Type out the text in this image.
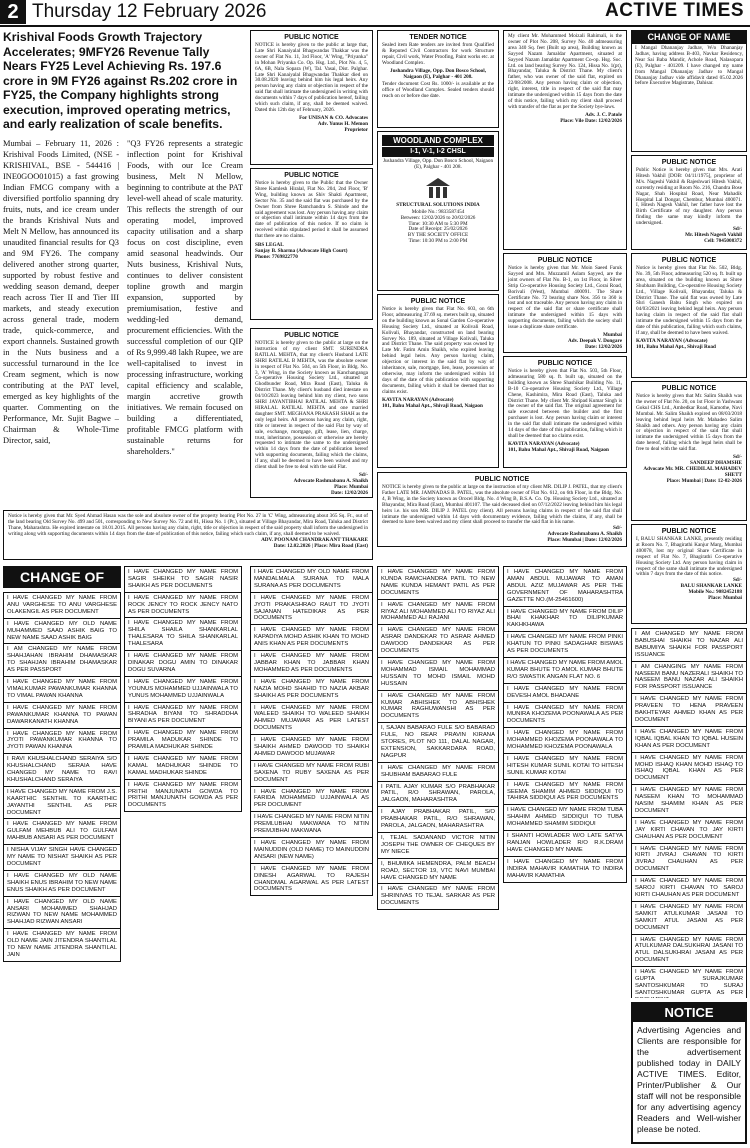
2 Thursday 12 February 2026	ACTIVE TIMES
Krishival Foods Growth Trajectory Accelerates; 9MFY26 Revenue Tally Nears FY25 Level Achieving Rs. 197.6 crore in 9M FY26 against Rs.202 crore in FY25, the Company highlights strong execution, improved operating metrics, and early realization of scale benefits.
Mumbai – February 11, 2026 : Krishival Foods Limited, (NSE - KRISHIVAL, BSE - 544416 | INE0GOO01015) a fast growing Indian FMCG company with a diversified portfolio spanning dry fruits, nuts, and ice cream under the brands Krishival Nuts and Melt N Mellow, has announced its unaudited financial results for Q3 and 9M FY26. The company delivered another strong quarter, supported by robust festive and wedding season demand, deeper reach across Tier II and Tier III markets, and steady execution across general trade, modern trade, quick-commerce, and export channels. Sustained growth in the Nuts business and a successful turnaround in the Ice Cream segment, which is now contributing at the PAT level, emerged as key highlights of the quarter. Commenting on the Performance, Mr. Sujit Bagwe – Chairman & Whole-Time Director, said,
"Q3 FY26 represents a strategic inflection point for Krishival Foods, with our Ice Cream business, Melt N Mellow, beginning to contribute at the PAT level-well ahead of scale maturity. This reflects the strength of our operating model, improved capacity utilisation and a sharp focus on cost discipline, even amid seasonal headwinds. Our Nuts business, Krishival Nuts, continues to deliver consistent topline growth and margin expansion, supported by premiumisation, festive and wedding-led demand, procurement efficiencies. With the successful completion of our QIP of Rs 9,999.48 lakh Rupee, we are well-capitalised to invest in processing infrastructure, working capital efficiency and scalable, margin accretive growth initiatives. We remain focused on building a differentiated, profitable FMCG platform with sustainable returns for shareholders."
PUBLIC NOTICE
NOTICE is hereby given to the public at large that, Late Shri Kanaiyalal Bhagwandas Thakkar was the owner of Flat No. 11, 3rd Floor, 'A' Wing, "Priyanka" in Mohan Priyanka Co. Op. Hsg. Ltd., Plot No. 4, 5, 6A, 6B, Nala Sopara (W), Tal. Vasai, Dist. Palghar. Late Shri Kanaiyalal Bhagwandas Thakkar died on 30.08.2020 leaving behind him his legal heirs. Any person having any claim or objection in respect of the said flat shall intimate the undersigned in writing with documents within 7 days of publication hereof, failing which such claim, if any, shall be deemed waived. Dated this 12th day of February, 2026.
For UNISAN & CO. Advocates
Adv. Yunus H. Memon
Proprietor
PUBLIC NOTICE
Notice is hereby given to the Public that the Owner Shree Kamlesh Hiralal, Flat No. 204, 2nd Floor, 'B' Wing, building known as Shiv Shakti Apartment, Sector No. 35 and the said flat was purchased by the Owner from Shree Ramchandra S. Shinde and the said agreement was lost. Any person having any claim or objection shall intimate within 14 days from the date of publication of this notice. If no claim is received within stipulated period it shall be assumed that there are no claims.
SBS LEGAL
Sanjay B. Sharma (Advocate High Court)
Phone: 7769822770
TENDER NOTICE
Sealed item Rate tenders are invited from Qualified & Reputed Civil Contractors for work Structure repair, Civil work, Water Proofing, Paint works etc. at Woodland Complex.
Jushandra Village, Opp. Don Bosco School, Naigaon (E), Palghar - 401 208.
Tender document Cost Rs. 1000/- is available at the office of Woodland Complex. Sealed tenders should reach on or before due date.
WOODLAND COMPLEX
I-1, V-1, I-2 CHSL
Jushandra Village, Opp. Don Bosco School, Naigaon (E), Palghar - 401 208.
STRUCTURAL SOLUTIONS INDIA
Mobile No.: 9833587454
Between: 12/02/2026 to 20/02/2026
Time: 10:30 AM to 5:30 PM
Date of Receipt: 25/02/2026
BY THE SOCIETY OFFICE
Time: 10:30 PM to 2:00 PM
PUBLIC NOTICE
Notice is hereby given that Flat No. 603, on 6th Floor, admeasuring 37.69 sq. meters built up, situated on the building known as Sonal Garden Co-operative Housing Society Ltd., situated at Kolivali Road, Kolivali, Bhayandar, constructed on land bearing Survey No. 189, situated at Village Kolivali, Taluka and District Thane. The said property was owned by Late Mr. Fatim Amin Shaikh, who expired leaving behind legal heirs. Any person having claim, objection or interest in the said flat by way of inheritance, sale, mortgage, lien, lease, possession or otherwise, may inform the undersigned within 14 days of the date of this publication with supporting documents, failing which it shall be deemed that no claims exist.
KAVITA NARAYAN (Advocate)
101, Bahu Mahal Apt., Shivaji Road, Naigaon
My client Mr. Mohammed Moizali Rahimali, is the owner of Plot No. 208, Survey No. 40 admeasuring area 340 Sq. feet (Built up area), Building known as Sayyed Nazam Jamaldar Apartment, situated at Sayyed Nazam Jamaldar Apartment Co-op. Hsg. Soc. Ltd. on land bearing Survey No. 124, Hissa No. 1(pt), Bhayandar, Taluka & District Thane. My client's father, who was owner of the said flat, expired on 22/08/2008. Any person having claim or objection, right, interest, title in respect of the said flat may intimate the undersigned within 15 days from the date of this notice, failing which my client shall proceed with transfer of the flat as per the Society bye-laws.
Adv. J. C. Patole
Place: Vile Date: 12/02/2026
PUBLIC NOTICE
Notice is hereby given that Mr. Moin Saeed Faruk Sayyed and Mrs. Muzzamil Aslam Sayyed, are the joint owners of Flat No. B-1, on 1st Floor, in Silver Strip Co-operative Housing Society Ltd., Gorai Road, Borivali (West), Mumbai 400091. The Share Certificate No. 72 bearing share Nos. 356 to 360 is lost and not traceable. Any person having any claim in respect of the said flat or share certificate shall intimate the undersigned within 15 days with supporting documents, failing which the society shall issue a duplicate share certificate.
Mumbai
Adv. Deepak V. Dongare
Date: 12/02/2026
CHANGE OF NAME
I Mangal Dhananjay Jadhav, W/o Dhananjay Jadhav, having address B-403, Navkar Residency, Near Sai Baba Mandir, Achole Road, Nalasopara (E), Palghar - 401209. I have changed my name from Mangal Dhananjay Jadhav to Mangal Dhananjay Jadhav vide affidavit dated 05.02.2026 before Executive Magistrate, Dahisar.
PUBLIC NOTICE
Public Notice is hereby given that Mrs. Arati Hitesh Vakhil [DOB: 04/11/1975], proprietor of M/s. Nageshi Vakhil & Rajeshwari Hitesh Vakhil, currently residing at Room No. 216, Chandra Bose Nagar, Shah Hospital Road, Near Mahadik Hospital Lal Dongar, Chembur, Mumbai 400071. I, Hitesh Nagesh Vakhil, her father have lost the Birth Certificate of my daughter. Any person finding the same may kindly inform the undersigned.
Sd/-
Mr. Hitesh Nagesh Vakhil
Cell: 7045008372
PUBLIC NOTICE
Notice is hereby given that Flat No. 502, Bldg. No. 39, 5th Floor, admeasuring 520 sq. ft. built up area, situated on the building known as Shree Shubham Building, Co-operative Housing Society Ltd., Village Kolivali, Bhayandar, Taluka & District Thane. The said flat was owned by Late Shri Ganesh Babu Singh who expired on 04/03/2021 leaving behind legal heirs. Any person having claim in respect of the said flat shall intimate the undersigned within 15 days from the date of this publication, failing which such claims, if any, shall be deemed to have been waived.
KAVITA NARAYAN (Advocate)
101, Bahu Mahal Apt., Shivaji Road
PUBLIC NOTICE
NOTICE is hereby given to the public at large on the instruction of my client SMT. SURENDRA RATILAL MEHTA, that my client's Husband LATE SHRI RATILAL B MEHTA, was the absolute owner in respect of Flat No. 504, on 5th Floor, in Bldg. No. 3, 'A' Wing, in the Society known as Kanchanganga Co-operative Housing Society Ltd., situated at Ghodbunder Road, Mira Road (East), Taluka & District Thane. My client's husband died intestate on 04/10/2023 leaving behind him my client, two sons SHRI JAYANTIBHAI RATILAL MEHTA & SHRI HIRALAL RATILAL MEHTA and one married daughter SMT. MEGHANA PRAKASH SHAH as the only legal heirs. All persons having any claim, right, title or interest in respect of the said Flat by way of sale, exchange, mortgage, gift, lease, lien, charge, trust, inheritance, possession or otherwise are hereby requested to intimate the same to the undersigned within 14 days from the date of publication hereof with supporting documents, failing which the claims, if any, shall be deemed to have been waived and my client shall be free to deal with the said Flat.
Sd/-
Advocate Rashmabanu A. Shaikh
Place: Mumbai
Date: 12/02/2026
PUBLIC NOTICE
NOTICE is hereby given to the public at large on the instruction of my client MR. DILIP J. PATEL, that my client's Father LATE MR. JAMNADAS B. PATEL, was the absolute owner of Flat No. 612, on 6th Floor, in the Bldg. No. 4, B Wing, in the Society known as Orocel Bldg. No. 4 Wing B, B.S.A. Co. Op. Housing Society Ltd., situated at Bhayandar, Mira Road (East), Mumbai 401107. The said deceased died on 07/12/2022 leaving behind him his legal heirs i.e. his son MR. DILIP J. PATEL (my client). All persons having claims in respect of the said flat shall intimate the undersigned within 14 days with documentary evidence, failing which the claims, if any, shall be deemed to have been waived and my client shall proceed to transfer the said flat in his name.
Sd/-
Advocate Rashmabanu A. Shaikh
Place: Mumbai | Date: 12/02/2026
PUBLIC NOTICE
Notice is hereby given that Flat No. 503, 5th Floor, admeasuring 580 sq. ft. built up, situated on the building known as Shree Shashikar Building No. 11, B-10 Co-operative Housing Society Ltd., Village Chene, Kashimira, Mira Road (East), Taluka and District Thane. My client Mr. Shripad Kumar Singh is the owner of the said flat. The original agreement for sale executed between the builder and the first purchaser is lost. Any person having claim or interest in the said flat shall intimate the undersigned within 14 days of the date of this publication, failing which it shall be deemed that no claims exist.
KAVITA NARAYAN (Advocate)
101, Bahu Mahal Apt., Shivaji Road, Naigaon
PUBLIC NOTICE
Notice is hereby given that Mr. Salim Shaikh was the owner of Flat No. 20, on 1st Floor in Yashwant Gokul CHS Ltd., Ambedkar Road, Kamothe, Navi Mumbai. Mr. Salim Shaikh expired on 08/03/2018 leaving behind legal heirs Mr. Mahadeo Salim Shaikh and others. Any person having any claim or objection in respect of the said flat shall intimate the undersigned within 15 days from the date hereof, failing which the legal heirs shall be free to deal with the said flat.
Sd/-
SANDEEP DHAMSHE
Advocate Mr. MR. CHEDILAL MAHADEV SHETT
Place: Mumbai | Date: 12-02-2026
PUBLIC NOTICE
I, BALU SHANKAR LANKE, presently residing at Room No. 7, Bhagirathi Kanjur Marg, Mumbai 400078, lost my original Share Certificate in respect of Flat No. 7, Bhagirathi Co-operative Housing Society Ltd. Any person having claim in respect of the same shall intimate the undersigned within 7 days from the date of this notice.
Sd/-
BALU SHANKAR LANKE
Mobile No.: 9082452188
Place: Mumbai
Notice is hereby given that Mr. Syed Ahmad Hasan was the sole and absolute owner of the property bearing Plot No. 27 in 'C' Wing, admeasuring about 365 Sq. Ft., out of the land bearing Old Survey No. 499 and 501, corresponding to New Survey No. 72 and 81, Hissa No. 1 (Pt.), situated at Village Bhayandar, Mira Road, Taluka and District Thane, Maharashtra. He expired intestate on 18.01.2015. All persons having any claim, right, title or objection in respect of the said property shall inform the undersigned in writing along with supporting documents within 14 days from the date of publication of this notice, failing which such claim, if any, shall deemed to be waived.
ADV. POONAM CHANDRAKANT THAKARE
Date: 12.02.2026 | Place: Mira Road (East)
CHANGE OF
I HAVE CHANGED MY NAME FROM ANU VARGHESE TO ANU VARGHESE OLAKENGIL AS PER DOCUMENT
I HAVE CHANGED MY OLD NAME MUHAMMED SAAD ASHIK BAIG TO NEW NAME SAAD ASHIK BAIG
I AM CHANGED MY NAME FROM SHAHJAHAN IBRAHIM DHAMASKAR TO SHAHJAN IBRAHIM DHAMASKAR AS PER PASSPORT
I HAVE CHANGED MY NAME FROM VIMALKUMAR PAWANKUMAR KHANNA TO VIMAL PAWAN KHANNA
I HAVE CHANGED MY NAME FROM PAWANKUMAR KHANNA TO PAWAN DAWARKANATH KHANNA
I HAVE CHANGED MY NAME FROM JYOTI PAWANKUMAR KHANNA TO JYOTI PAWAN KHANNA
I RAVI KHUSHALCHAND SERAIYA S/O KHUSHALCHAND SERAIA HAVE CHANGED MY NAME TO RAVI KHUSHALCHAND SERAIYA
I HAVE CHANGED MY NAME FROM J.S. KAARTHIC SENTHIL TO KAARTHIC JAYANTHI SENTHIL AS PER DOCUMENT
I HAVE CHANGED MY NAME FROM GULFAM MEHBUB ALI TO GULFAM MAHBUB ANSARI AS PER DOCUMENT
I NISHA VIJAY SINGH HAVE CHANGED MY NAME TO NISHAT SHAIKH AS PER DOCUMENT
I HAVE CHANGED MY OLD NAME SHAIKH ENUS IBRAHIM TO NEW NAME ENUS SHAIKH AS PER DOCUMENT
I HAVE CHANGED MY OLD NAME ANSARI MOHAMMED SHAHJAD RIZWAN TO NEW NAME MOHAMMED SHAHJAD RIZWAN ANSARI
I HAVE CHANGED MY NAME FROM OLD NAME JAIN JITENDRA SHANTILAL TO NEW NAME JITENDRA SHANTILAL JAIN
I HAVE CHANGED MY NAME FROM SAGIR SHEIKH TO SAGIR NASIR SHAIKH AS PER DOCUMENTS
I HAVE CHANGED MY NAME FROM ROCK JENCY TO ROCK JENCY NATO AS PER DOCUMENTS
I HAVE CHANGED MY NAME FROM SHILA SHAILA SHANKARLAL THALESARA TO SHILA SHANKARLAL THALESARA
I HAVE CHANGED MY NAME FROM DINAKAR DOGU AMIN TO DINAKAR DOGU SUVARNA
I HAVE CHANGED MY NAME FROM YOUNUS MOHAMMED UJJAINWALA TO YUNUS MOHAMMED UJJAINWALA
I HAVE CHANGED MY NAME FROM SHRADHA BIYANI TO SHRADDHA BIYANI AS PER DOCUMENT
I HAVE CHANGED MY NAME FROM PRAMILA MADUKAR SHINDE TO PRAMILA MADHUKAR SHINDE
I HAVE CHANGED MY NAME FROM KAMAL MADHUKAR SHINDE TO KAMAL MADHUKAR SHINDE
I HAVE CHANGED MY NAME FROM PRITHI MANJUNATH GOWDA TO PRITHI MANJUNATH GOWDA AS PER DOCUMENTS
I HAVE CHANGED MY OLD NAME FROM MANDALMALA SURANA TO MALA SURANA AS PER DOCUMENTS
I HAVE CHANGED MY NAME FROM JYOTI PRAKASHRAO RAUT TO JYOTI SAJANAN HATEDIKAR AS PER DOCUMENTS
I HAVE CHANGED MY NAME FROM KAPADIYA MOHD ASHIK KHAN TO MOHD ANIS KHAN AS PER DOCUMENTS
I HAVE CHANGED MY NAME FROM JABBAR KHAN TO JABBAR KHAN MOHAMMED AS PER DOCUMENTS
I HAVE CHANGED MY NAME FROM NAZIA MOHD SHAHID TO NAZIA AKBAR SHAIKH AS PER DOCUMENTS
I HAVE CHANGED MY NAME FROM WALEED SHAIKH TO WALEED SHAIKH AHMED MUJAWAR AS PER LATEST DOCUMENTS
I HAVE CHANGED MY NAME FROM SHAIKH AHMED DAWOOD TO SHAIKH AHMED DAWOOD MUJAWAR
I HAVE CHANGED MY NAME FROM RUBI SAXENA TO RUBY SAXENA AS PER DOCUMENT
I HAVE CHANGED MY NAME FROM FARIDA MOHAMMED UJJAINWALA AS PER DOCUMENT
I HAVE CHANGED MY NAME FROM NITIN PREMLUBHAI MAKWANA TO NITIN PREMJIBHAI MAKWANA
I HAVE CHANGED MY NAME FROM MAINUDDIN (OLD NAME) TO MAINUDDIN ANSARI (NEW NAME)
I HAVE CHANGED MY NAME FROM DINESH AGARWAL TO RAJESH CHANDMAL AGARWAL AS PER LATEST DOCUMENTS
I HAVE CHANGED MY NAME FROM KUNDA RAMCHANDRA PATIL TO NEW NAME KUNDA HEMANT PATIL AS PER DOCUMENTS
I HAVE CHANGED MY NAME FROM RIYAZ ALI MOHAMMED ALI TO RIYAZ ALI MOHAMMED ALI RAJANI
I HAVE CHANGED MY NAME FROM ASRAR DANDEKAR TO ASRAR AHMED DAWOOD DANDEKAR AS PER DOCUMENTS
I HAVE CHANGED MY NAME FROM MOHAMMAD ISMAIL MOHAMMAD HUSSAIN TO MOHD ISMAIL MOHD HUSSAIN
I HAVE CHANGED MY NAME FROM KUMAR ABHISHEK TO ABHISHEK KUMAR RAGHUWANSHI AS PER DOCUMENTS
I, SAJAN BABARAO FULE S/O BABARAO FULE, NO REAR PRAVIN KIRANA STORES, PLOT NO 111, DALAL NAGAR, EXTENSION, SAKKARDARA ROAD, NAGPUR
I HAVE CHANGED MY NAME FROM SHUBHAM BABARAO FULE
I PATIL AJAY KUMAR S/O PRABHAKAR PATIL, R/O SHRAWAN, PAROLA, JALGAON, MAHARASHTRA
I AJAY PRABHAKAR PATIL, S/O PRABHAKAR PATIL, R/O SHRAWAN, PAROLA, JALGAON, MAHARASHTRA
I, TEJAL SADANAND VICTOR NITIN JOSEPH THE OWNER OF CHEQUES BY MY NIECE
I, BHUMIKA HEMENDRA, PALM BEACH ROAD, SECTOR 19, VTC NAVI MUMBAI HAVE CHANGED MY NAME
I HAVE CHANGED MY NAME FROM SHRINIVAS TO TEJAL SARKAR AS PER DOCUMENTS
I HAVE CHANGED MY NAME FROM AMAN ABDUL MUJAWAR TO AMAN ABDUL AZIZ MUJAWAR AS PER THE GOVERNMENT OF MAHARASHTRA GAZETTE NO.(M-25461600)
I HAVE CHANGED MY NAME FROM DILIP BHAI KHAKHAR TO DILIPKUMAR KAKHKHAWA
I HAVE CHANGED MY NAME FROM PINKI KHATUN TO PINKI SADAGHAR BISWAS AS PER DOCUMENTS
I HAVE CHANGED MY NAME FROM AMOL KUMAR BHUTE TO AMOL KUMAR BHUTE R/O SWASTIK ANGAN FLAT NO. 6
I HAVE CHANGED MY NAME FROM DEVESH AMOL BHADANE
I HAVE CHANGED MY NAME FROM MUNIRA KHOZEMA POONAWALA AS PER DOCUMENTS
I HAVE CHANGED MY NAME FROM MOHAMMED KHOZEMA POONAWALA TO MOHAMMED KHOZEMA POONAWALA
I HAVE CHANGED MY NAME FROM HITESH KUMAR SUNIL KOTAI TO HITESH SUNIL KUMAR KOTAI
I HAVE CHANGED MY NAME FROM SEEMA SHAMIM AHMED SIDDIQUI TO TAHIRA SIDDIQUI AS PER DOCUMENTS
I HAVE CHANGED MY NAME FROM TUBA SHAHIM AHMED SIDDIQUI TO TUBA MOHAMMED SHAMIM SIDDIQUI
I SHANTI HOWLADER W/O LATE SATYA RANJAN HOWLADER R/O R.K.DRAM HAVE CHANGED MY NAME
I HAVE CHANGED MY NAME FROM INDIRA MAHAVIR KAMATHIA TO INDIRA MAHAVIR KAMATHIA
I AM CHANGED MY NAME FROM BABUSHAI SHAIKH TO NAZAR ALI BABUMIYA SHAIKH FOR PASSPORT ISSUANCE
I AM CHANGING MY NAME FROM NASEEM BANU NAZERALI SHAIKH TO NASEEM BANU NAZAR ALI SHAIKH FOR PASSPORT ISSUANCE
I HAVE CHANGED MY NAME FROM PRAVEEN TO HENA PRAVEEN BAKHTEYAR AHMED KHAN AS PER DOCUMENT
I HAVE CHANGED MY NAME FROM IQBAL IQBAL KHAN TO IQBAL HUSEIN KHAN AS PER DOCUMENT
I HAVE CHANGED MY NAME FROM MOHD ISHAQ KHAN MOHD ISHAQ TO ISHAQ IQBAL KHAN AS PER DOCUMENT
I HAVE CHANGED MY NAME FROM NASEEM KHAN TO MOHAMMAD NASIM SHAMIM KHAN AS PER DOCUMENT
I HAVE CHANGED MY NAME FROM JAY KIRTI CHAVAN TO JAY KIRTI CHAUHAN AS PER DOCUMENT
I HAVE CHANGED MY NAME FROM KIRTI JIVRAJ CHAVAN TO KIRTI JIVRAJ CHAUHAN AS PER DOCUMENT
I HAVE CHANGED MY NAME FROM SAROJ KIRTI CHAVAN TO SAROJ KIRTI CHAUHAN AS PER DOCUMENT
I HAVE CHANGED MY NAME FROM SAMKIT ATULKUMAR JASANI TO SAMKIT ATUL JASANI AS PER DOCUMENT
I HAVE CHANGED MY NAME FROM ATULKUMAR DALSUKHRAI JASANI TO ATUL DALSUKHRAI JASANI AS PER DOCUMENT
I HAVE CHANGED MY NAME FROM GUPTA SURAJKUMAR SANTOSHKUMAR TO SURAJ SANTOSHKUMAR GUPTA AS PER
NOTICE
Advertising Agencies and Clients are responsible for the advertisement published today in DAILY ACTIVE TIMES. Editor, Printer/Publisher & Our staff will not be responsible for any advertising agency Readers and Well-wisher please be noted.
